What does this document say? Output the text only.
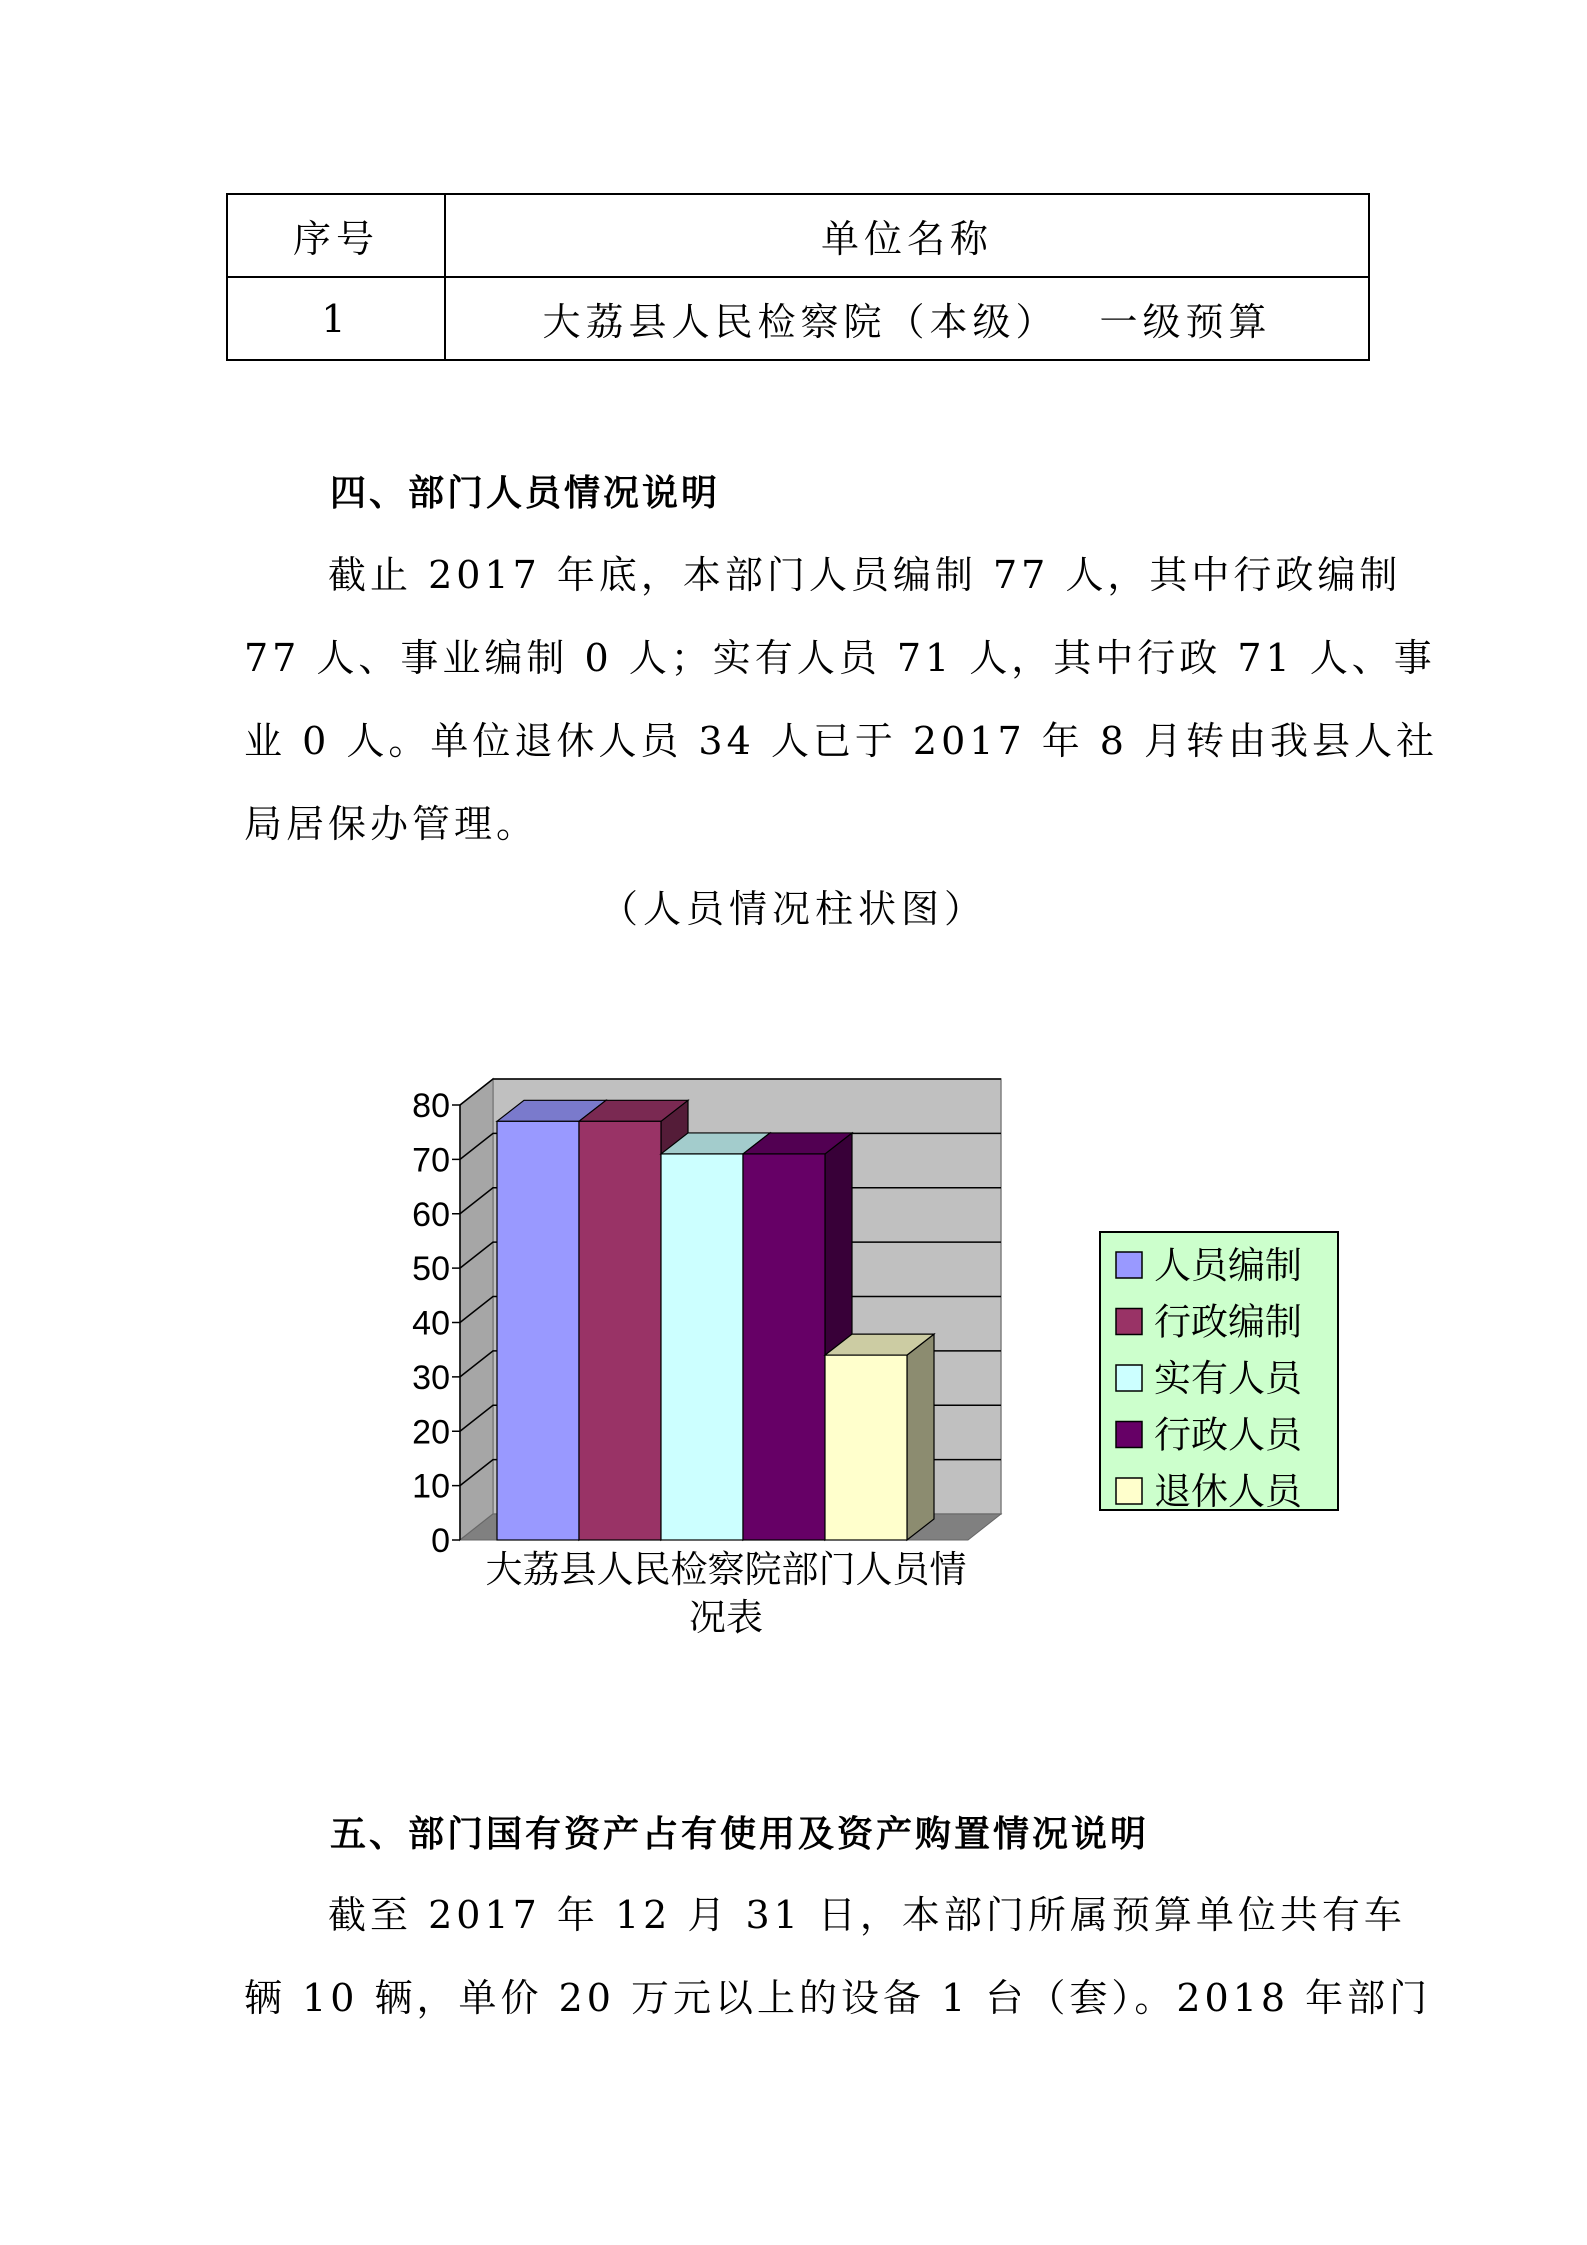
序号	单位名称
1	大荔县人民检察院（本级）　 一级预算
四、部门人员情况说明
截止 2017 年底，本部门人员编制 77 人，其中行政编制
77 人、事业编制 0 人；实有人员 71 人，其中行政 71 人、事
业 0 人。单位退休人员 34 人已于 2017 年 8 月转由我县人社
局居保办管理。
（人员情况柱状图）
0
10
20
30
40
50
60
70
80
大荔县人民检察院部门人员情
况表
人员编制
行政编制
实有人员
行政人员
退休人员
五、部门国有资产占有使用及资产购置情况说明
截至 2017 年 12 月 31 日，本部门所属预算单位共有车
辆 10 辆，单价 20 万元以上的设备 1 台（套）。2018 年部门
